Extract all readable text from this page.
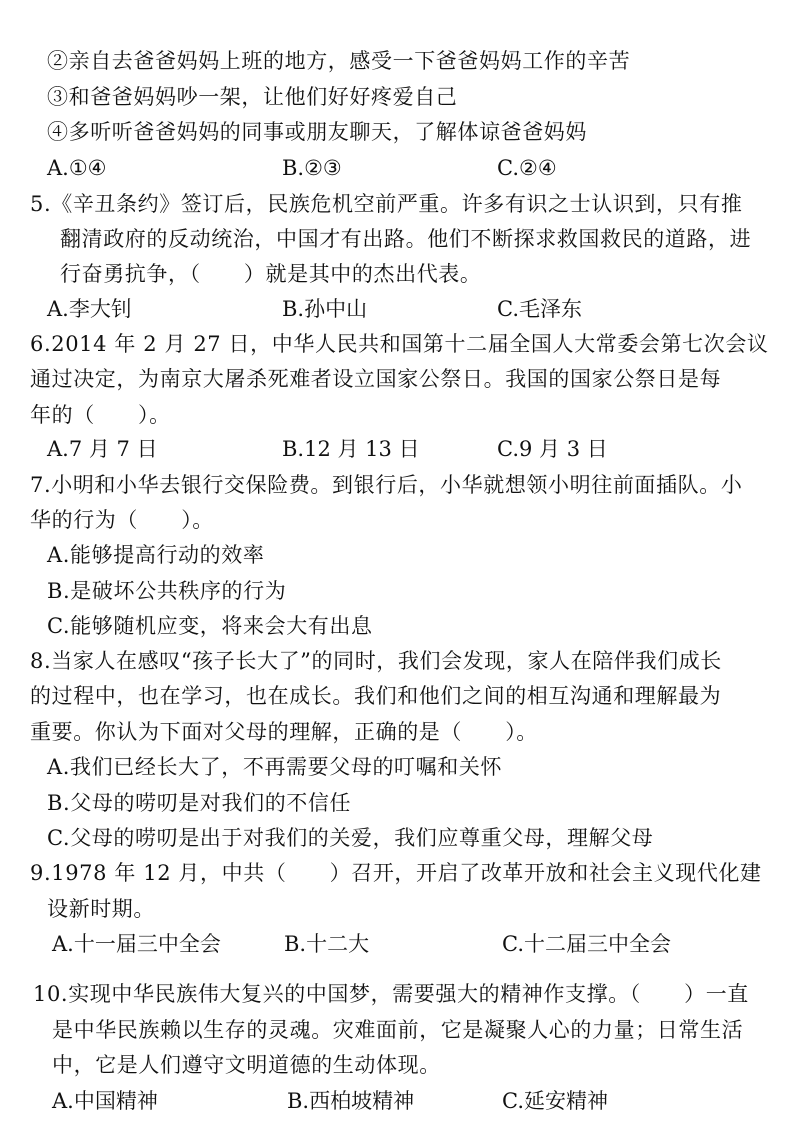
②亲自去爸爸妈妈上班的地方，感受一下爸爸妈妈工作的辛苦
③和爸爸妈妈吵一架，让他们好好疼爱自己
④多听听爸爸妈妈的同事或朋友聊天，了解体谅爸爸妈妈
A.①④	B.②③	C.②④
5.《辛丑条约》签订后，民族危机空前严重。许多有识之士认识到，只有推
翻清政府的反动统治，中国才有出路。他们不断探求救国救民的道路，进
行奋勇抗争，（　　）就是其中的杰出代表。
A.李大钊	B.孙中山	C.毛泽东
6.2014 年 2 月 27 日，中华人民共和国第十二届全国人大常委会第七次会议
通过决定，为南京大屠杀死难者设立国家公祭日。我国的国家公祭日是每
年的（　　）。
A.7 月 7 日	B.12 月 13 日	C.9 月 3 日
7.小明和小华去银行交保险费。到银行后，小华就想领小明往前面插队。小
华的行为（　　）。
A.能够提高行动的效率
B.是破坏公共秩序的行为
C.能够随机应变，将来会大有出息
8.当家人在感叹“孩子长大了”的同时，我们会发现，家人在陪伴我们成长
的过程中，也在学习，也在成长。我们和他们之间的相互沟通和理解最为
重要。你认为下面对父母的理解，正确的是（　　）。
A.我们已经长大了，不再需要父母的叮嘱和关怀
B.父母的唠叨是对我们的不信任
C.父母的唠叨是出于对我们的关爱，我们应尊重父母，理解父母
9.1978 年 12 月，中共（　　）召开，开启了改革开放和社会主义现代化建
设新时期。
A.十一届三中全会	B.十二大	C.十二届三中全会
10.实现中华民族伟大复兴的中国梦，需要强大的精神作支撑。（　　）一直
是中华民族赖以生存的灵魂。灾难面前，它是凝聚人心的力量；日常生活
中，它是人们遵守文明道德的生动体现。
A.中国精神	B.西柏坡精神	C.延安精神
